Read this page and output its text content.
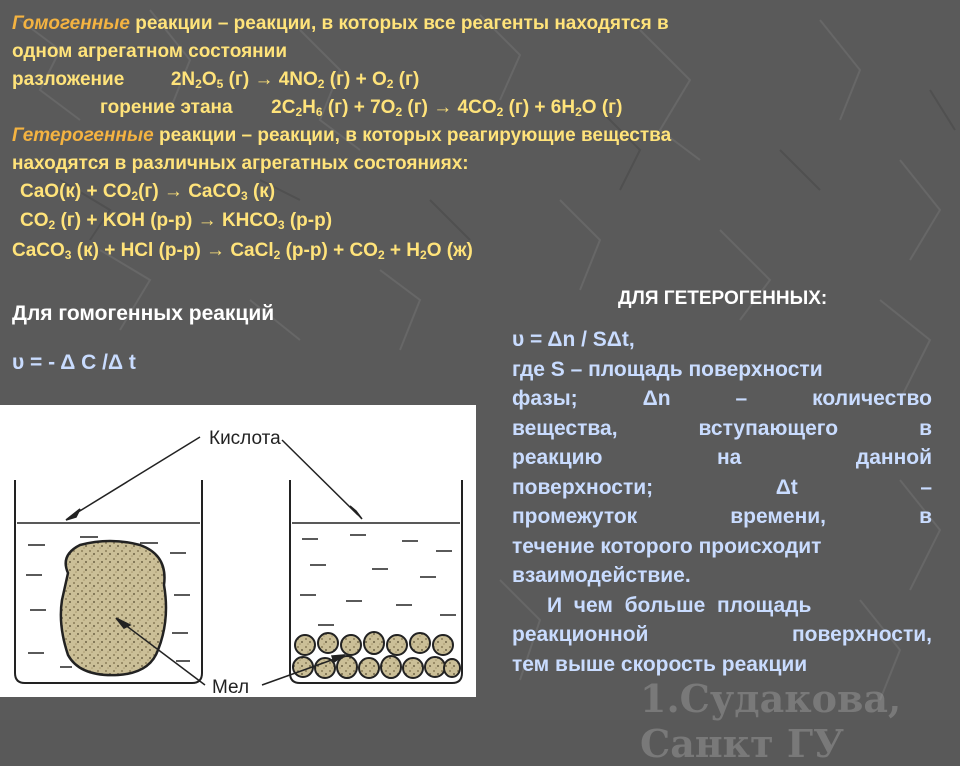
1.Судакова, Санкт ГУ
Гомогенные реакции – реакции, в которых все реагенты находятся в
одном агрегатном состоянии
разложение $2N_2O_5$ $(г) \to 4NO_2$ $(г) + O_2$ (г)
горение этана $2C_2H_6$ $(г) + 7O_2$ $(г) \to 4CO_2$ $(г) + 6H_2O$ (г)
Гетерогенные реакции – реакции, в которых реагирующие вещества
находятся в различных агрегатных состояниях:
$CaO(к) + CO_2(г)$ → CaCO$_3$ (к)
$CO_2$ (г) + KOH $(р-р) \to KHCO_3$ (р-р)
CaCO$_3$ (к) + HCl (р-р) → CaCl$_2$ $(р-р) + CO_2 + H_2O$ (ж)
Для гомогенных реакций
υ = - Δ С /Δ t
ДЛЯ ГЕТЕРОГЕННЫХ:
υ = Δn / SΔt,
где S – площадь поверхности
фазы; Δn – количество
вещества, вступающего в
реакцию на данной
поверхности; Δt –
промежуток времени, в
течение которого происходит
взаимодействие.
И  чем  больше  площадь
реакционной поверхности,
тем выше скорость реакции
Кислота
Мел
